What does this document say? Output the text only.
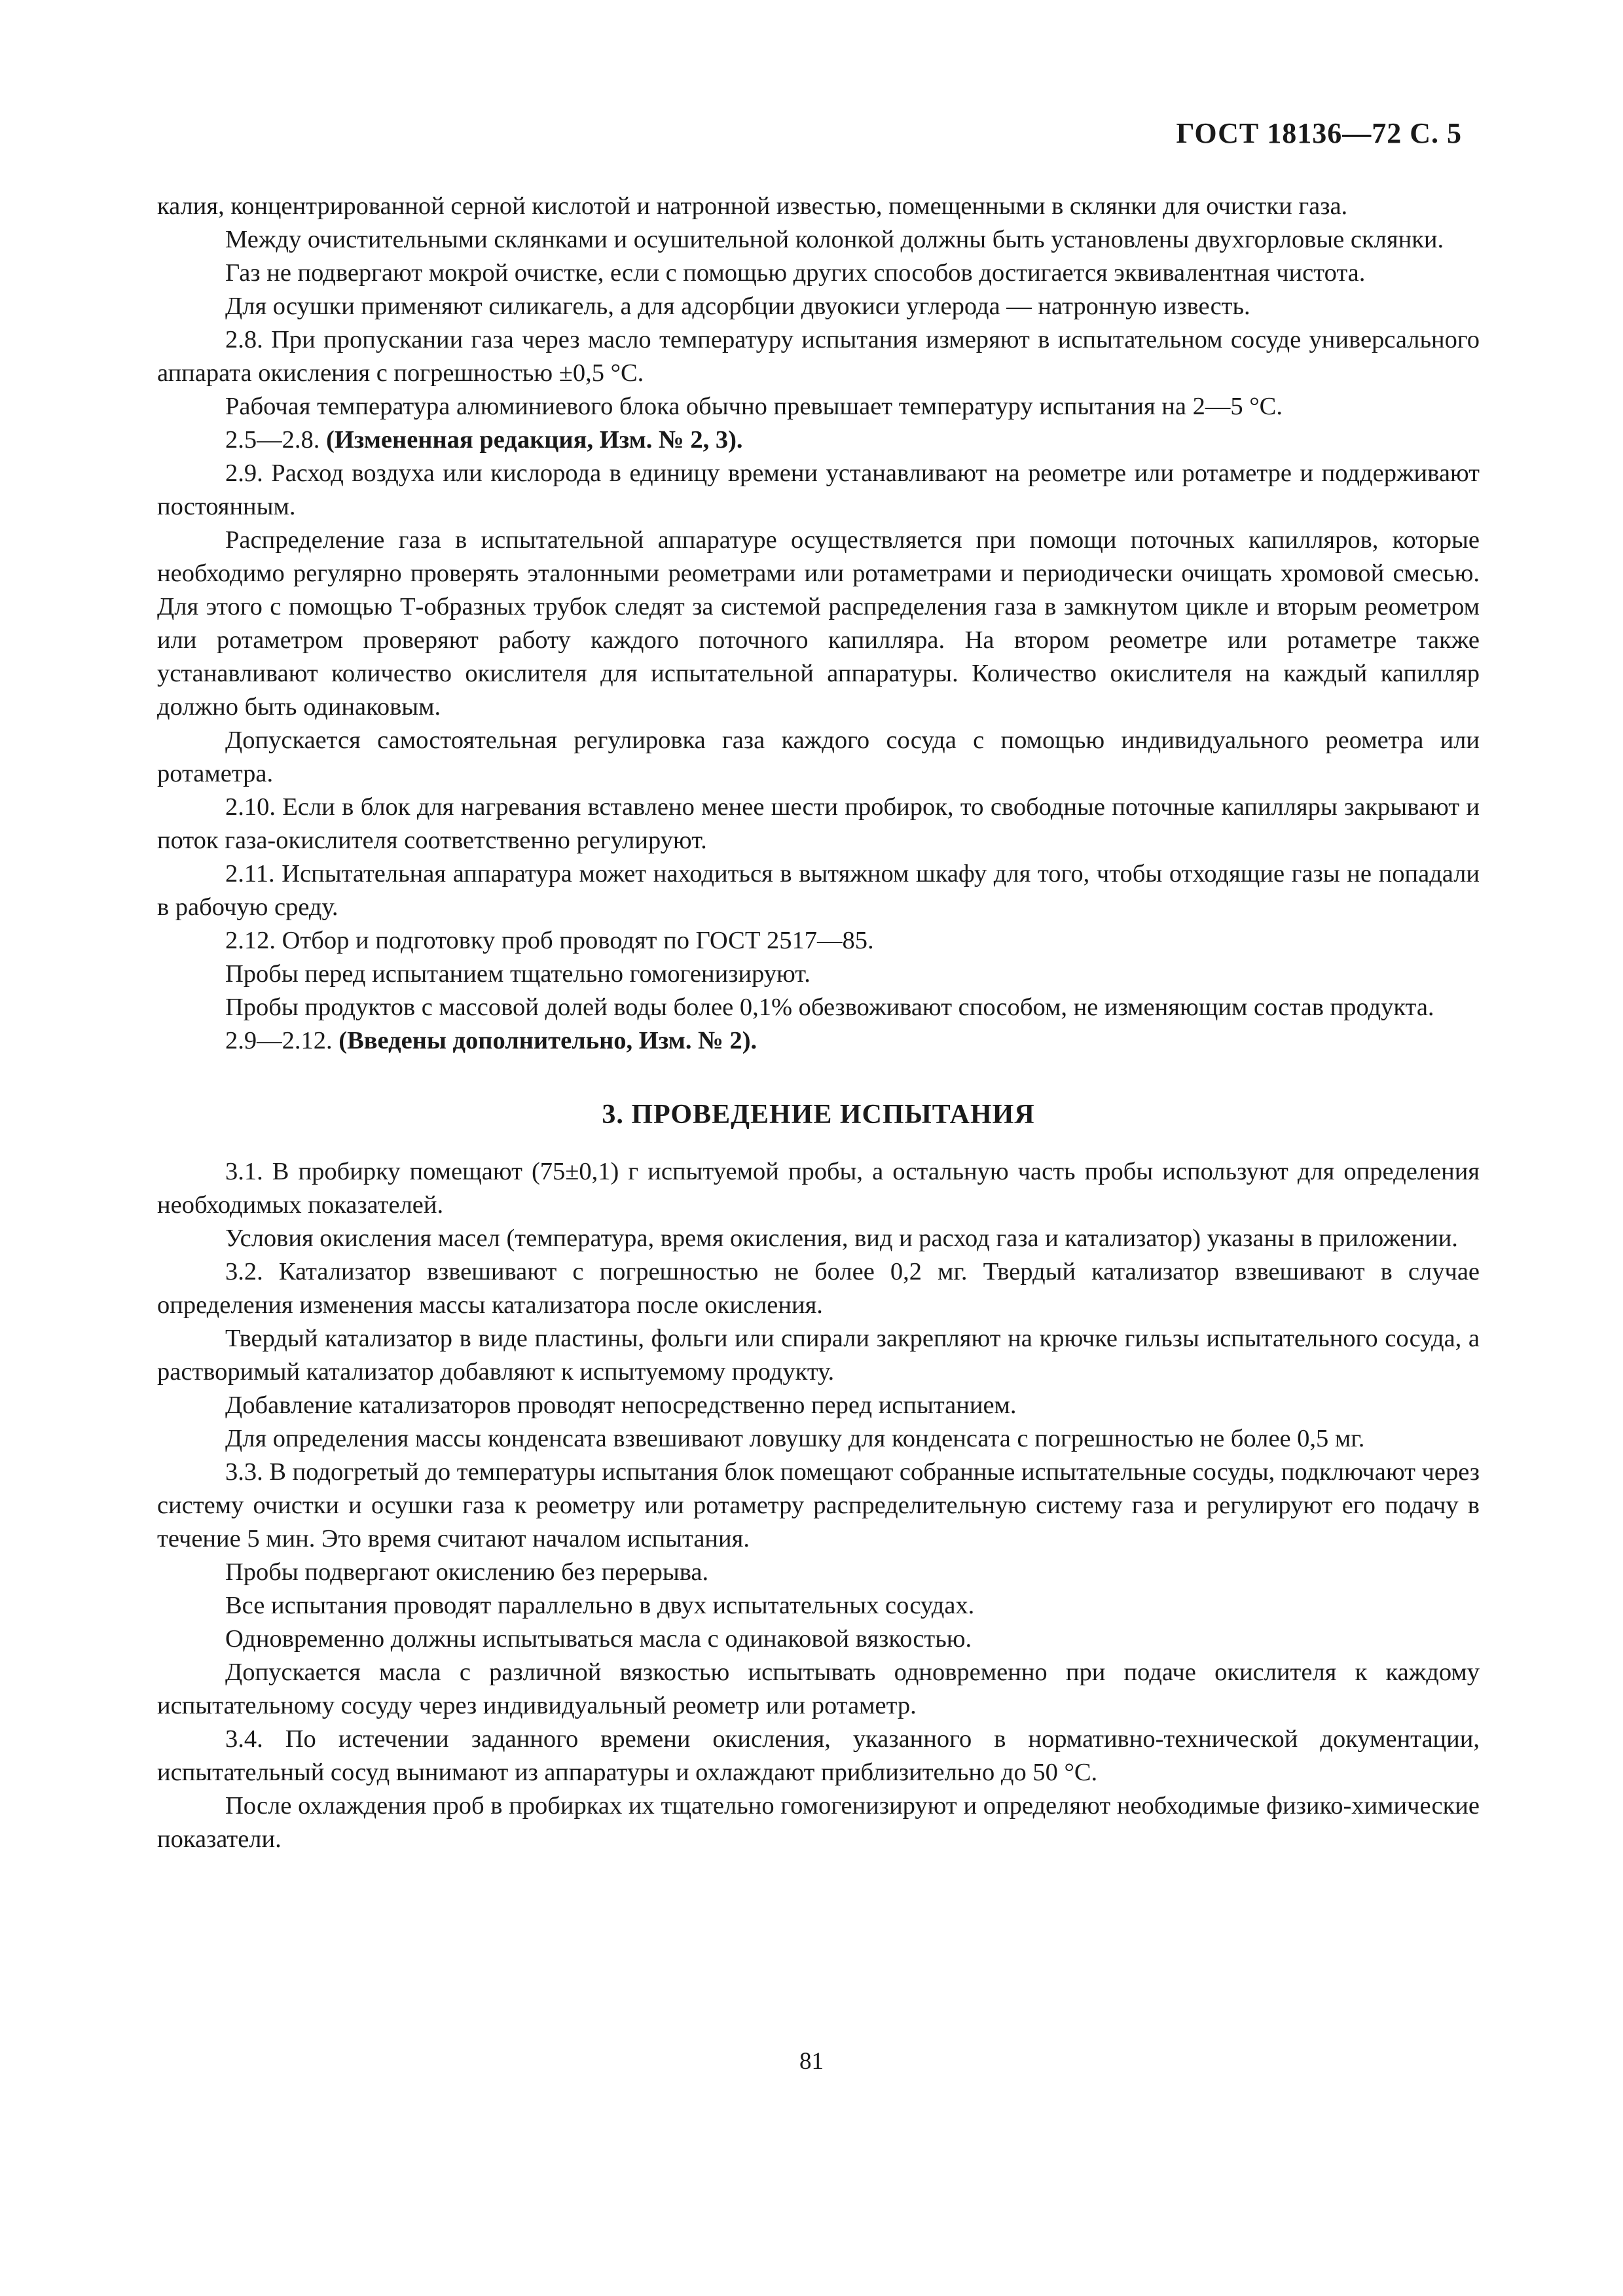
ГОСТ 18136—72 С. 5

калия, концентрированной серной кислотой и натронной известью, помещенными в склянки для очистки газа.

Между очистительными склянками и осушительной колонкой должны быть установлены двухгорловые склянки.

Газ не подвергают мокрой очистке, если с помощью других способов достигается эквивалентная чистота.

Для осушки применяют силикагель, а для адсорбции двуокиси углерода — натронную известь.

2.8. При пропускании газа через масло температуру испытания измеряют в испытательном сосуде универсального аппарата окисления с погрешностью ±0,5 °С.

Рабочая температура алюминиевого блока обычно превышает температуру испытания на 2—5 °С.

2.5—2.8. (Измененная редакция, Изм. № 2, 3).

2.9. Расход воздуха или кислорода в единицу времени устанавливают на реометре или ротаметре и поддерживают постоянным.

Распределение газа в испытательной аппаратуре осуществляется при помощи поточных капилляров, которые необходимо регулярно проверять эталонными реометрами или ротаметрами и периодически очищать хромовой смесью. Для этого с помощью Т-образных трубок следят за системой распределения газа в замкнутом цикле и вторым реометром или ротаметром проверяют работу каждого поточного капилляра. На втором реометре или ротаметре также устанавливают количество окислителя для испытательной аппаратуры. Количество окислителя на каждый капилляр должно быть одинаковым.

Допускается самостоятельная регулировка газа каждого сосуда с помощью индивидуального реометра или ротаметра.

2.10. Если в блок для нагревания вставлено менее шести пробирок, то свободные поточные капилляры закрывают и поток газа-окислителя соответственно регулируют.

2.11. Испытательная аппаратура может находиться в вытяжном шкафу для того, чтобы отходящие газы не попадали в рабочую среду.

2.12. Отбор и подготовку проб проводят по ГОСТ 2517—85.

Пробы перед испытанием тщательно гомогенизируют.

Пробы продуктов с массовой долей воды более 0,1% обезвоживают способом, не изменяющим состав продукта.

2.9—2.12. (Введены дополнительно, Изм. № 2).

3. ПРОВЕДЕНИЕ ИСПЫТАНИЯ

3.1. В пробирку помещают (75±0,1) г испытуемой пробы, а остальную часть пробы используют для определения необходимых показателей.

Условия окисления масел (температура, время окисления, вид и расход газа и катализатор) указаны в приложении.

3.2. Катализатор взвешивают с погрешностью не более 0,2 мг. Твердый катализатор взвешивают в случае определения изменения массы катализатора после окисления.

Твердый катализатор в виде пластины, фольги или спирали закрепляют на крючке гильзы испытательного сосуда, а растворимый катализатор добавляют к испытуемому продукту.

Добавление катализаторов проводят непосредственно перед испытанием.

Для определения массы конденсата взвешивают ловушку для конденсата с погрешностью не более 0,5 мг.

3.3. В подогретый до температуры испытания блок помещают собранные испытательные сосуды, подключают через систему очистки и осушки газа к реометру или ротаметру распределительную систему газа и регулируют его подачу в течение 5 мин. Это время считают началом испытания.

Пробы подвергают окислению без перерыва.

Все испытания проводят параллельно в двух испытательных сосудах.

Одновременно должны испытываться масла с одинаковой вязкостью.

Допускается масла с различной вязкостью испытывать одновременно при подаче окислителя к каждому испытательному сосуду через индивидуальный реометр или ротаметр.

3.4. По истечении заданного времени окисления, указанного в нормативно-технической документации, испытательный сосуд вынимают из аппаратуры и охлаждают приблизительно до 50 °С.

После охлаждения проб в пробирках их тщательно гомогенизируют и определяют необходимые физико-химические показатели.

81
